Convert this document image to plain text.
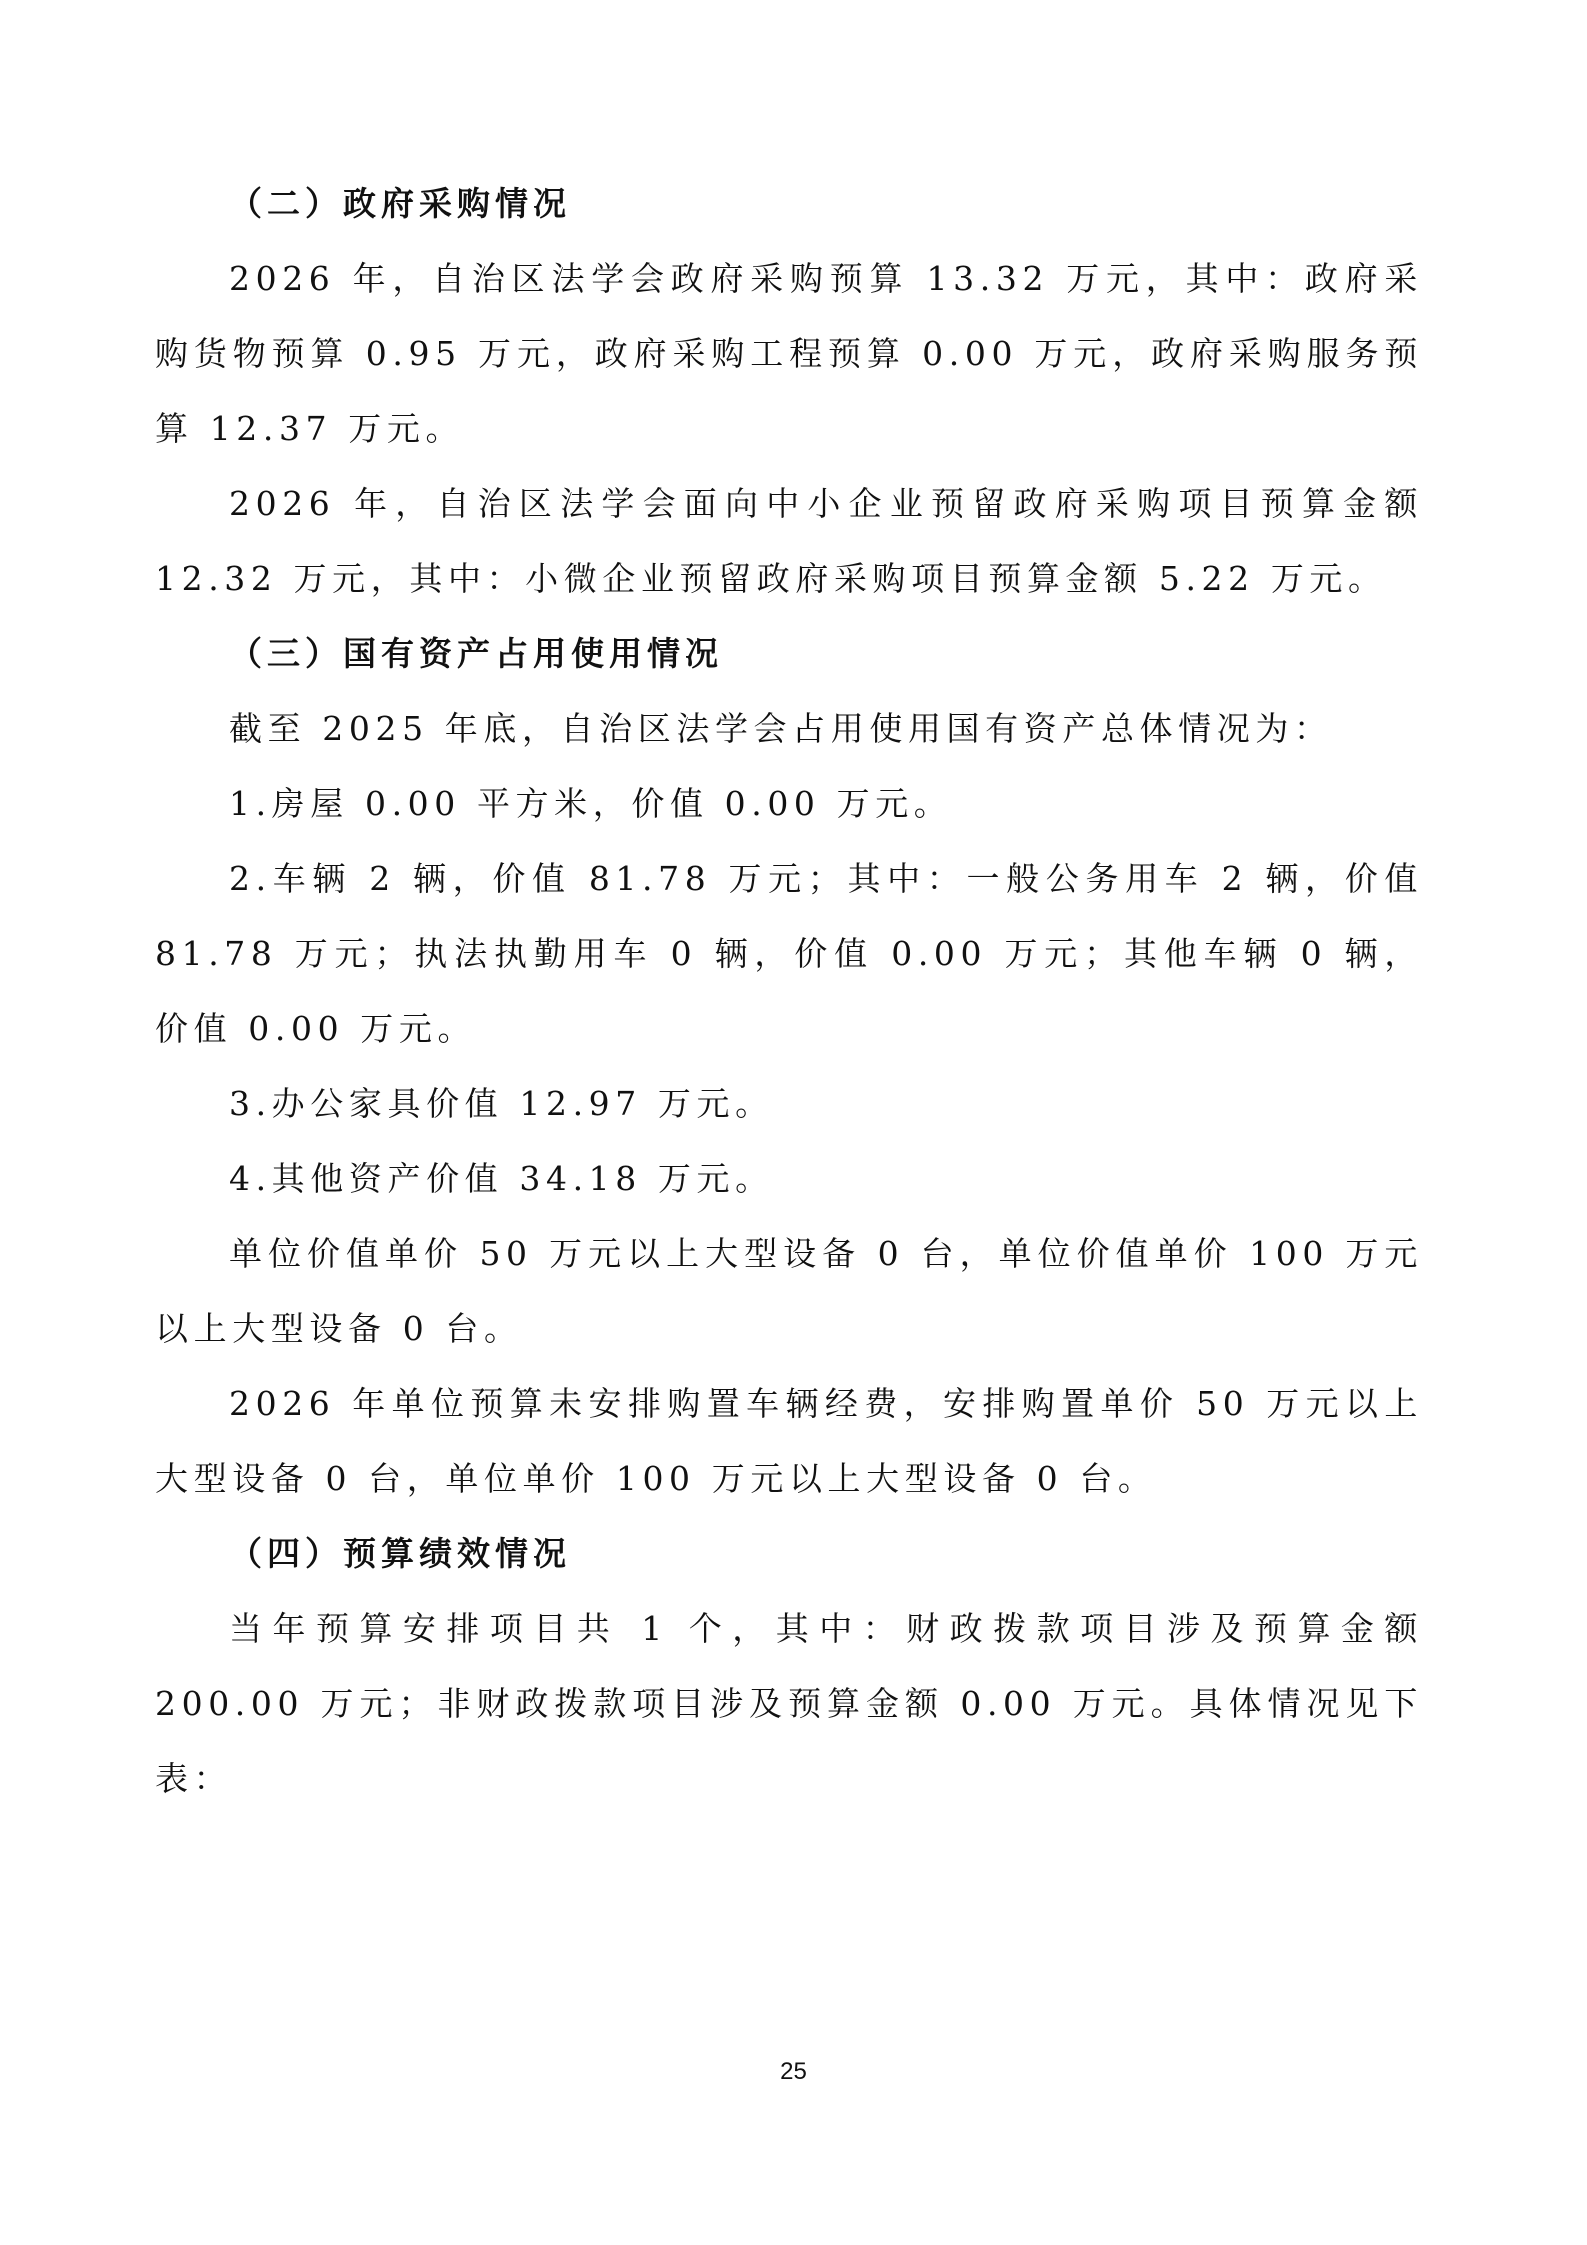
（二）政府采购情况

2026 年，自治区法学会政府采购预算 13.32 万元，其中：政府采购货物预算 0.95 万元，政府采购工程预算 0.00 万元，政府采购服务预算 12.37 万元。

2026 年，自治区法学会面向中小企业预留政府采购项目预算金额 12.32 万元，其中：小微企业预留政府采购项目预算金额 5.22 万元。

（三）国有资产占用使用情况

截至 2025 年底，自治区法学会占用使用国有资产总体情况为：

1.房屋 0.00 平方米，价值 0.00 万元。

2.车辆 2 辆，价值 81.78 万元；其中：一般公务用车 2 辆，价值 81.78 万元；执法执勤用车 0 辆，价值 0.00 万元；其他车辆 0 辆，价值 0.00 万元。

3.办公家具价值 12.97 万元。

4.其他资产价值 34.18 万元。

单位价值单价 50 万元以上大型设备 0 台，单位价值单价 100 万元以上大型设备 0 台。

2026 年单位预算未安排购置车辆经费，安排购置单价 50 万元以上大型设备 0 台，单位单价 100 万元以上大型设备 0 台。

（四）预算绩效情况

当年预算安排项目共 1 个，其中：财政拨款项目涉及预算金额 200.00 万元；非财政拨款项目涉及预算金额 0.00 万元。具体情况见下表：

25
